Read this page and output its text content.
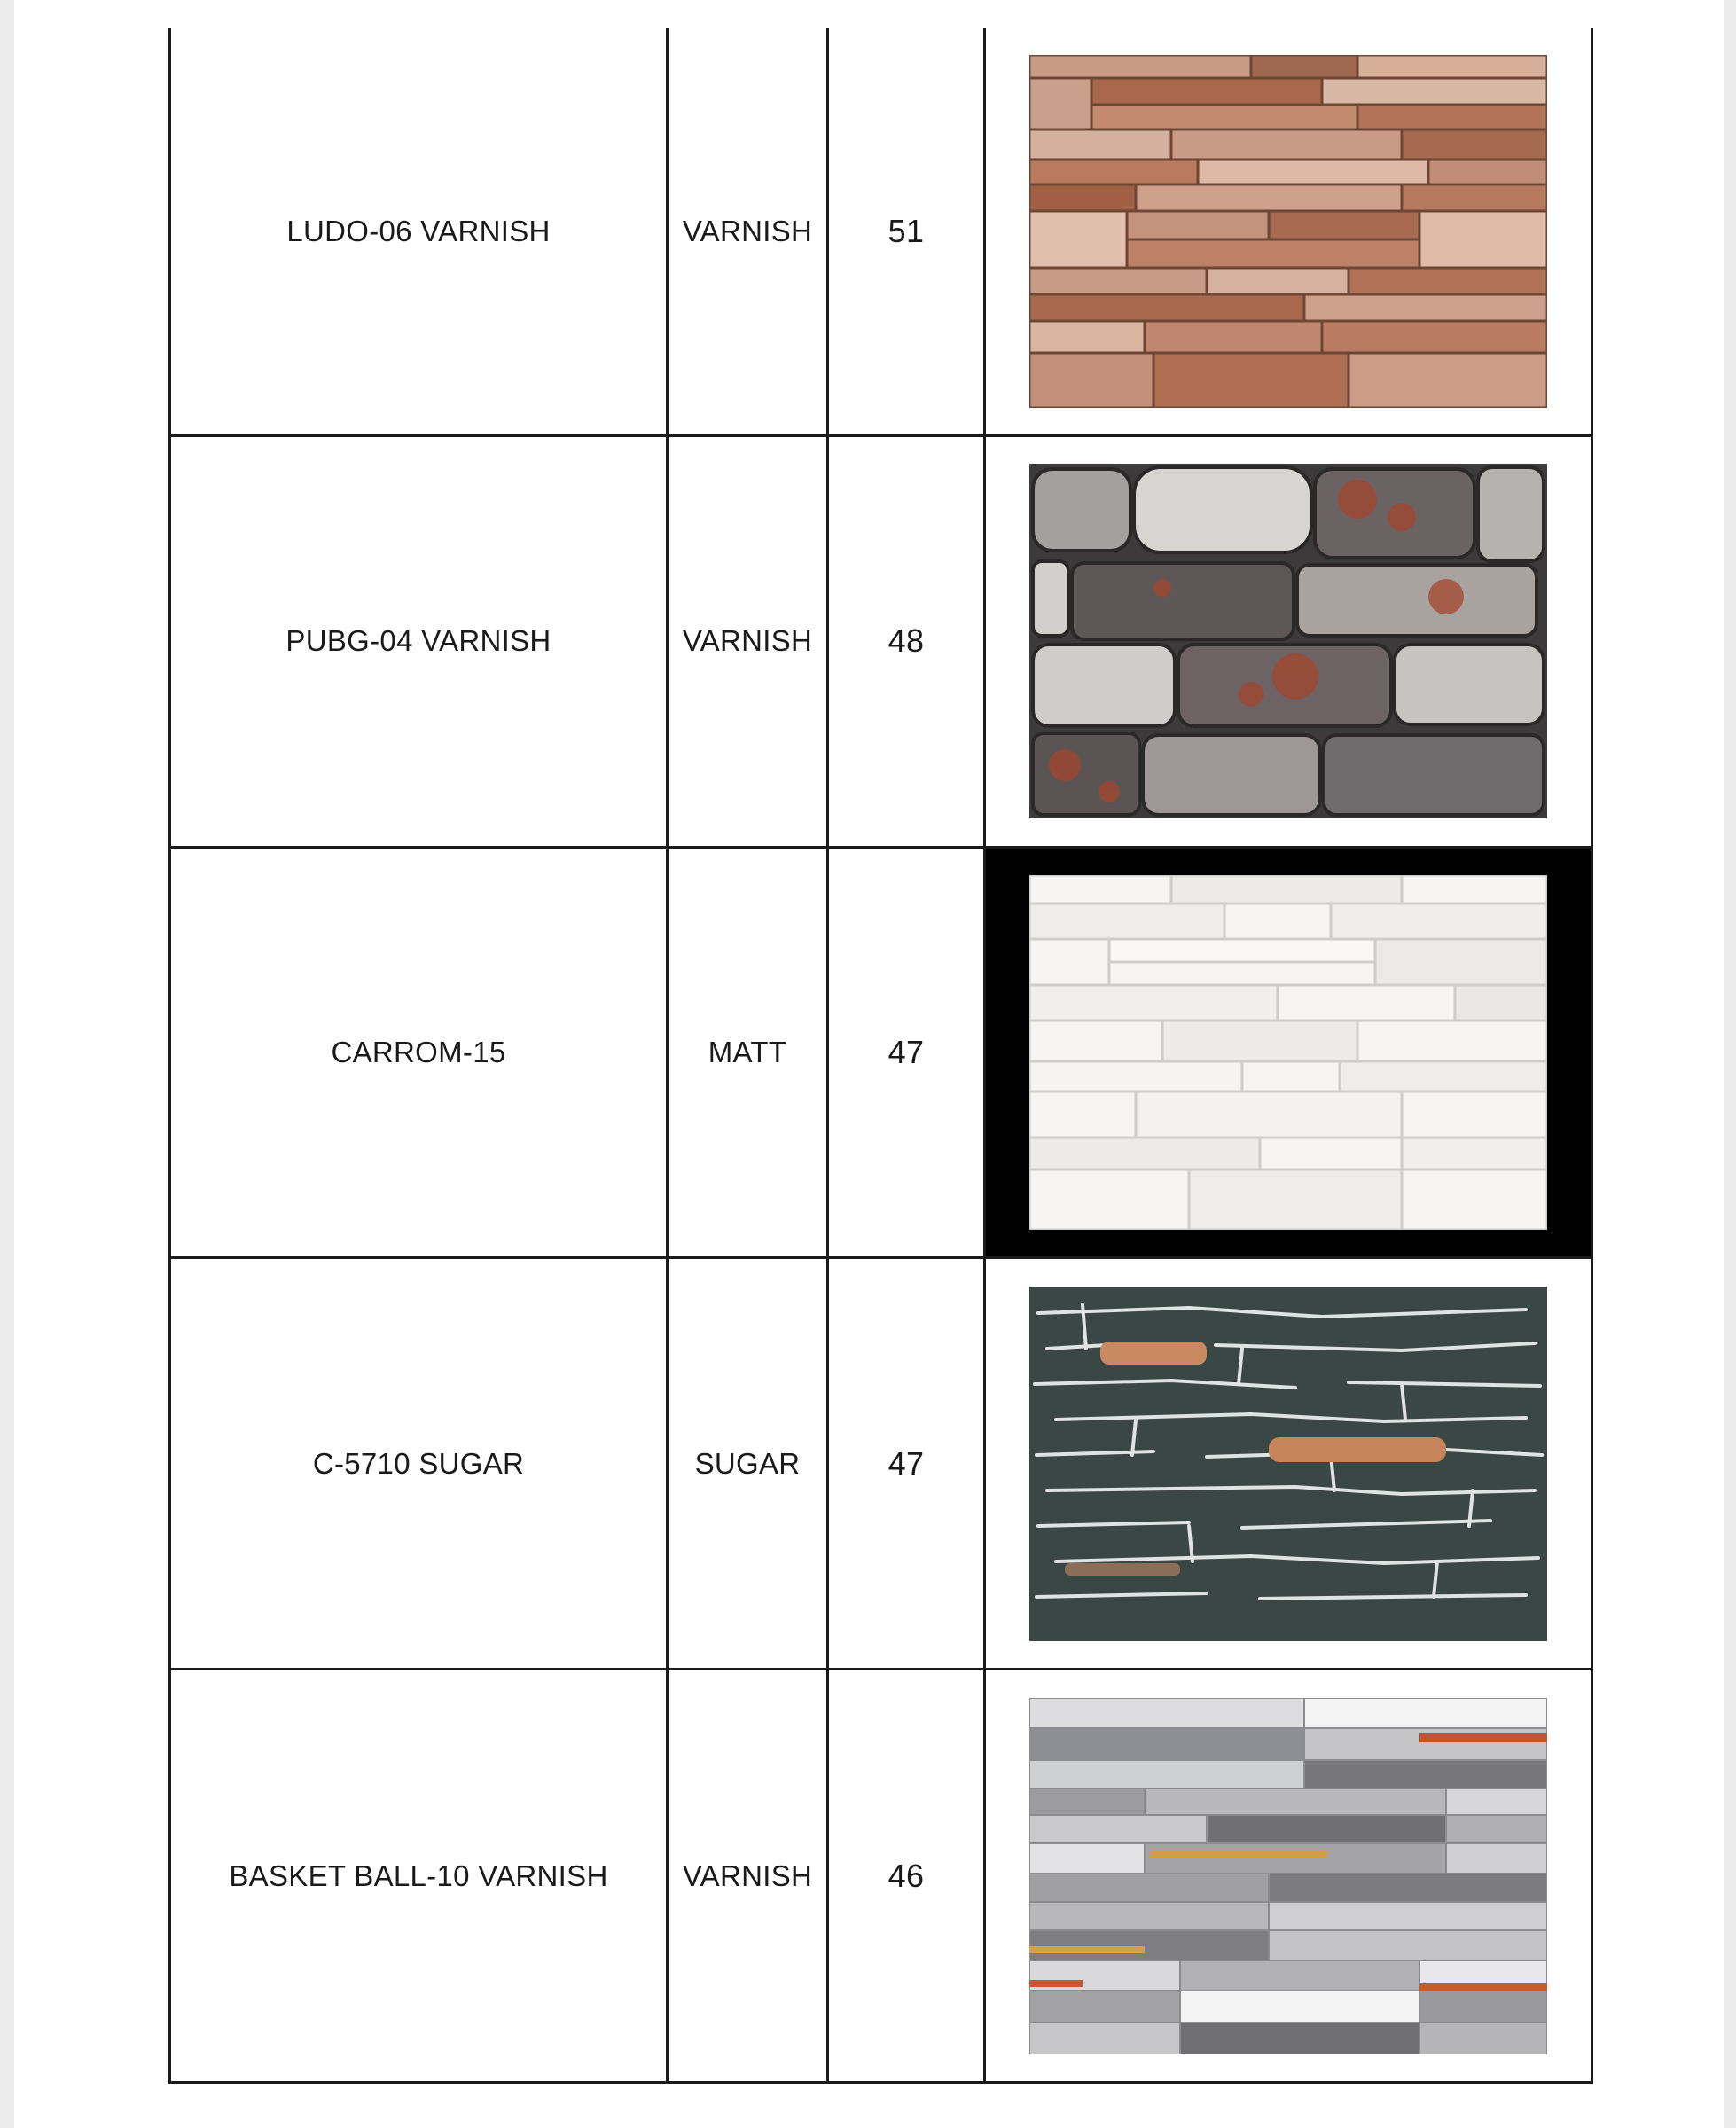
LUDO-06 VARNISH	VARNISH	51	

PUBG-04 VARNISH	VARNISH	48	

CARROM-15	MATT	47	

C-5710 SUGAR	SUGAR	47	

BASKET BALL-10 VARNISH	VARNISH	46	
